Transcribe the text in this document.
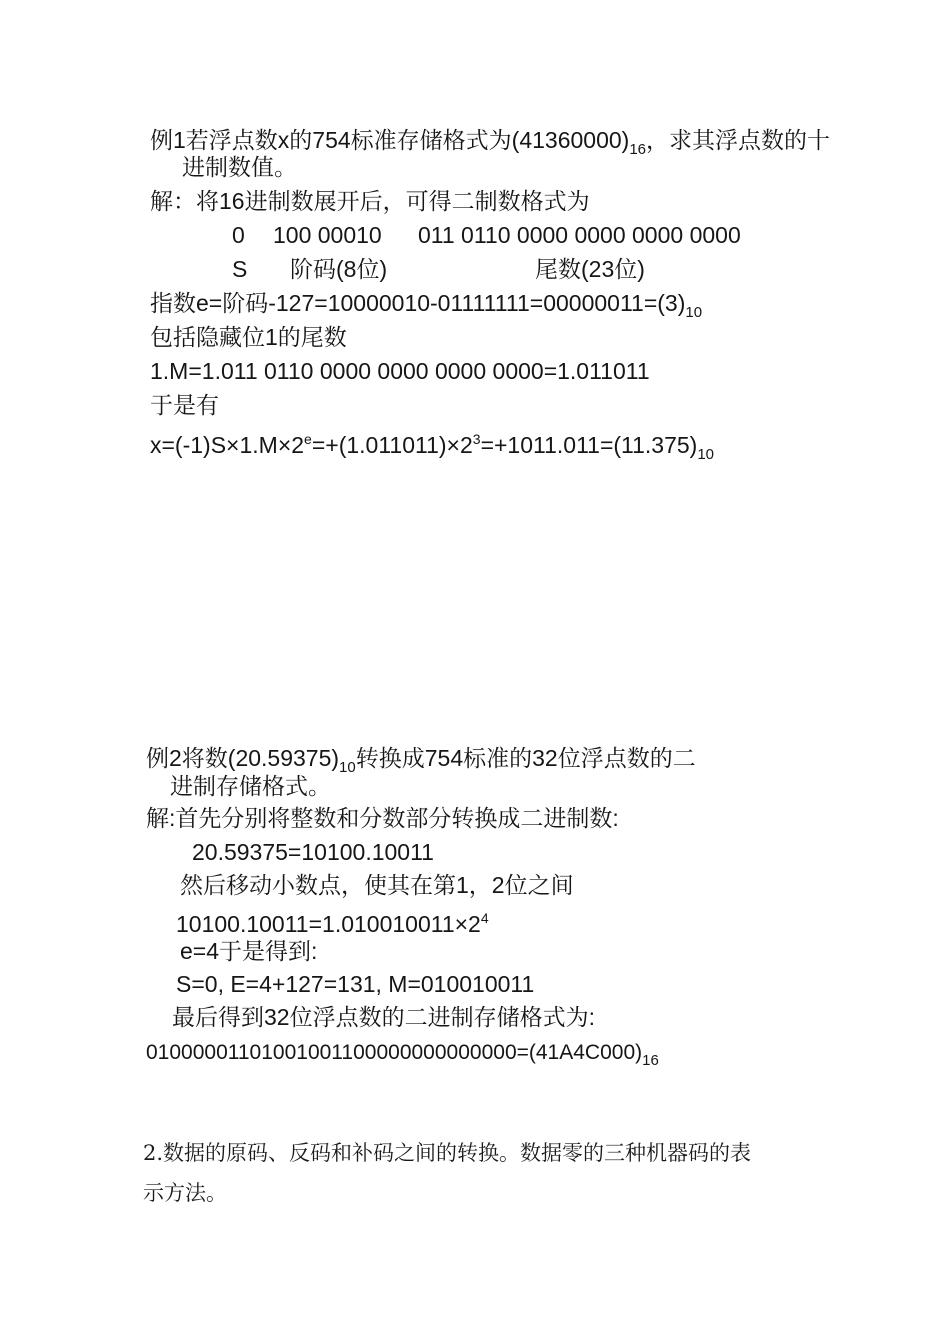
例1若浮点数x的754标准存储格式为$(41360000)_{16}$，求其浮点数的十
进制数值。
解：将16进制数展开后，可得二制数格式为
0 100 00010 011 0110 0000 0000 0000 0000
S 阶码(8位)	尾数(23位)
指数e=阶码$-127=10000010-01111111=00000011=(3)_{10}$
包括隐藏位1的尾数
1.M=1.011 0110 0000 0000 0000 0000=1.011011
于是有
$x=(-1)S\times 1.M\times 2^e=+(1.011011)\times 2^3=+1011.011=(11.375)_{10}$
例2将数$(20.59375)_{10}$转换成754标准的32位浮点数的二
进制存储格式。
解:首先分别将整数和分数部分转换成二进制数:
20.59375=10100.10011
然后移动小数点，使其在第1，2位之间
$10100.10011=1.010010011\times 2^4$
e=4于是得到:
S=0, E=4+127=131, M=010010011
最后得到32位浮点数的二进制存储格式为:
$01000001101001001100000000000000=(41A4C000)_{16}$
2.数据的原码、反码和补码之间的转换。数据零的三种机器码的表
示方法。
